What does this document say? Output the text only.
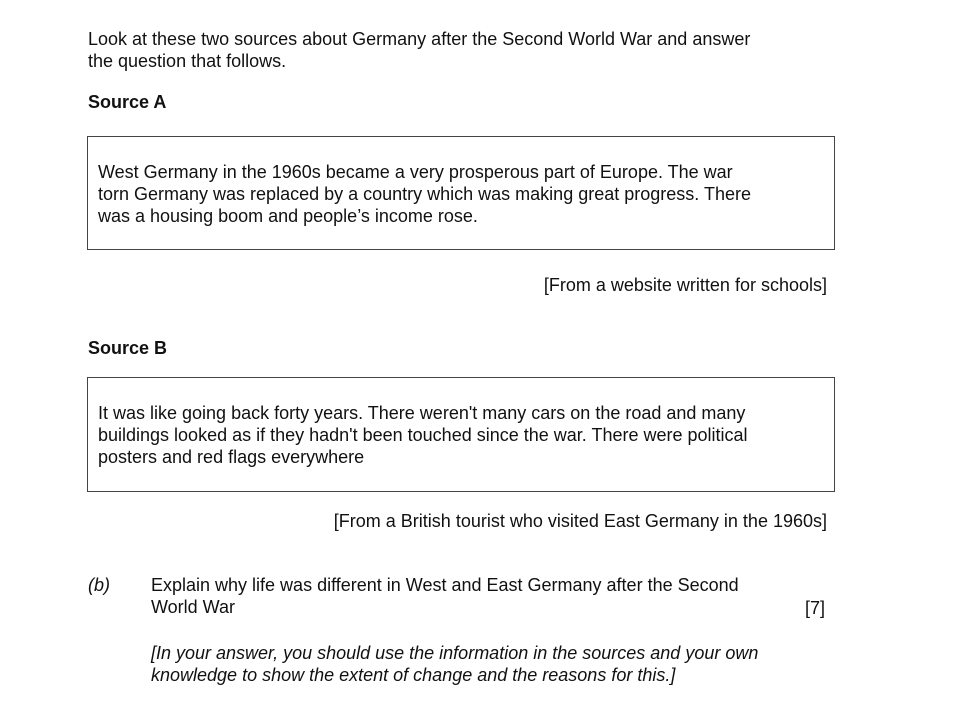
Look at these two sources about Germany after the Second World War and answer
the question that follows.
Source A
West Germany in the 1960s became a very prosperous part of Europe. The war
torn Germany was replaced by a country which was making great progress. There
was a housing boom and people’s income rose.
[From a website written for schools]
Source B
It was like going back forty years. There weren't many cars on the road and many
buildings looked as if they hadn't been touched since the war. There were political
posters and red flags everywhere
[From a British tourist who visited East Germany in the 1960s]
(b) Explain why life was different in West and East Germany after the Second
World War	[7]
[In your answer, you should use the information in the sources and your own
knowledge to show the extent of change and the reasons for this.]
